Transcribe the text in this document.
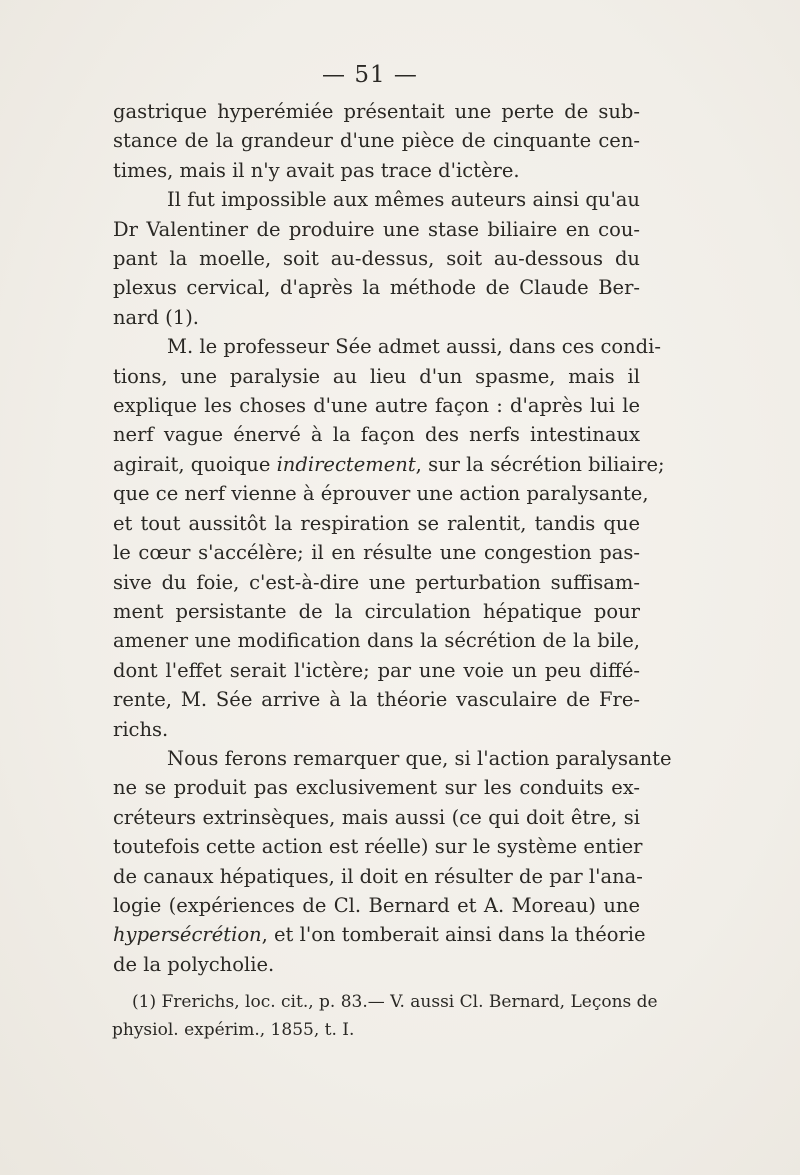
— 51 —
gastrique hyperémiée présentait une perte de sub-
stance de la grandeur d'une pièce de cinquante cen-
times, mais il n'y avait pas trace d'ictère.
Il fut impossible aux mêmes auteurs ainsi qu'au
Dr Valentiner de produire une stase biliaire en cou-
pant la moelle, soit au-dessus, soit au-dessous du
plexus cervical, d'après la méthode de Claude Ber-
nard (1).
M. le professeur Sée admet aussi, dans ces condi-
tions, une paralysie au lieu d'un spasme, mais il
explique les choses d'une autre façon : d'après lui le
nerf vague énervé à la façon des nerfs intestinaux
agirait, quoique indirectement, sur la sécrétion biliaire;
que ce nerf vienne à éprouver une action paralysante,
et tout aussitôt la respiration se ralentit, tandis que
le cœur s'accélère; il en résulte une congestion pas-
sive du foie, c'est-à-dire une perturbation suffisam-
ment persistante de la circulation hépatique pour
amener une modification dans la sécrétion de la bile,
dont l'effet serait l'ictère; par une voie un peu diffé-
rente, M. Sée arrive à la théorie vasculaire de Fre-
richs.
Nous ferons remarquer que, si l'action paralysante
ne se produit pas exclusivement sur les conduits ex-
créteurs extrinsèques, mais aussi (ce qui doit être, si
toutefois cette action est réelle) sur le système entier
de canaux hépatiques, il doit en résulter de par l'ana-
logie (expériences de Cl. Bernard et A. Moreau) une
hypersécrétion, et l'on tomberait ainsi dans la théorie
de la polycholie.
(1) Frerichs, loc. cit., p. 83.— V. aussi Cl. Bernard, Leçons de
physiol. expérim., 1855, t. I.
